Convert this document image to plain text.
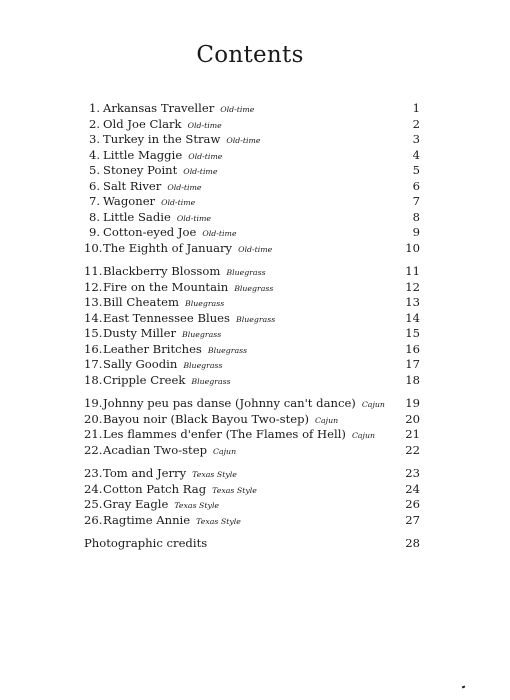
Contents
1. Arkansas Traveller Old-time	1
2. Old Joe Clark Old-time	2
3. Turkey in the Straw Old-time	3
4. Little Maggie Old-time	4
5. Stoney Point Old-time	5
6. Salt River Old-time	6
7. Wagoner Old-time	7
8. Little Sadie Old-time	8
9. Cotton-eyed Joe Old-time	9
10. The Eighth of January Old-time	10
11. Blackberry Blossom Bluegrass	11
12. Fire on the Mountain Bluegrass	12
13. Bill Cheatem Bluegrass	13
14. East Tennessee Blues Bluegrass	14
15. Dusty Miller Bluegrass	15
16. Leather Britches Bluegrass	16
17. Sally Goodin Bluegrass	17
18. Cripple Creek Bluegrass	18
19. Johnny peu pas danse (Johnny can't dance) Cajun 19
20. Bayou noir (Black Bayou Two-step) Cajun	20
21. Les flammes d'enfer (The Flames of Hell) Cajun	21
22. Acadian Two-step Cajun	22
23. Tom and Jerry Texas Style	23
24. Cotton Patch Rag Texas Style	24
25. Gray Eagle Texas Style	26
26. Ragtime Annie Texas Style	27
Photographic credits	28
